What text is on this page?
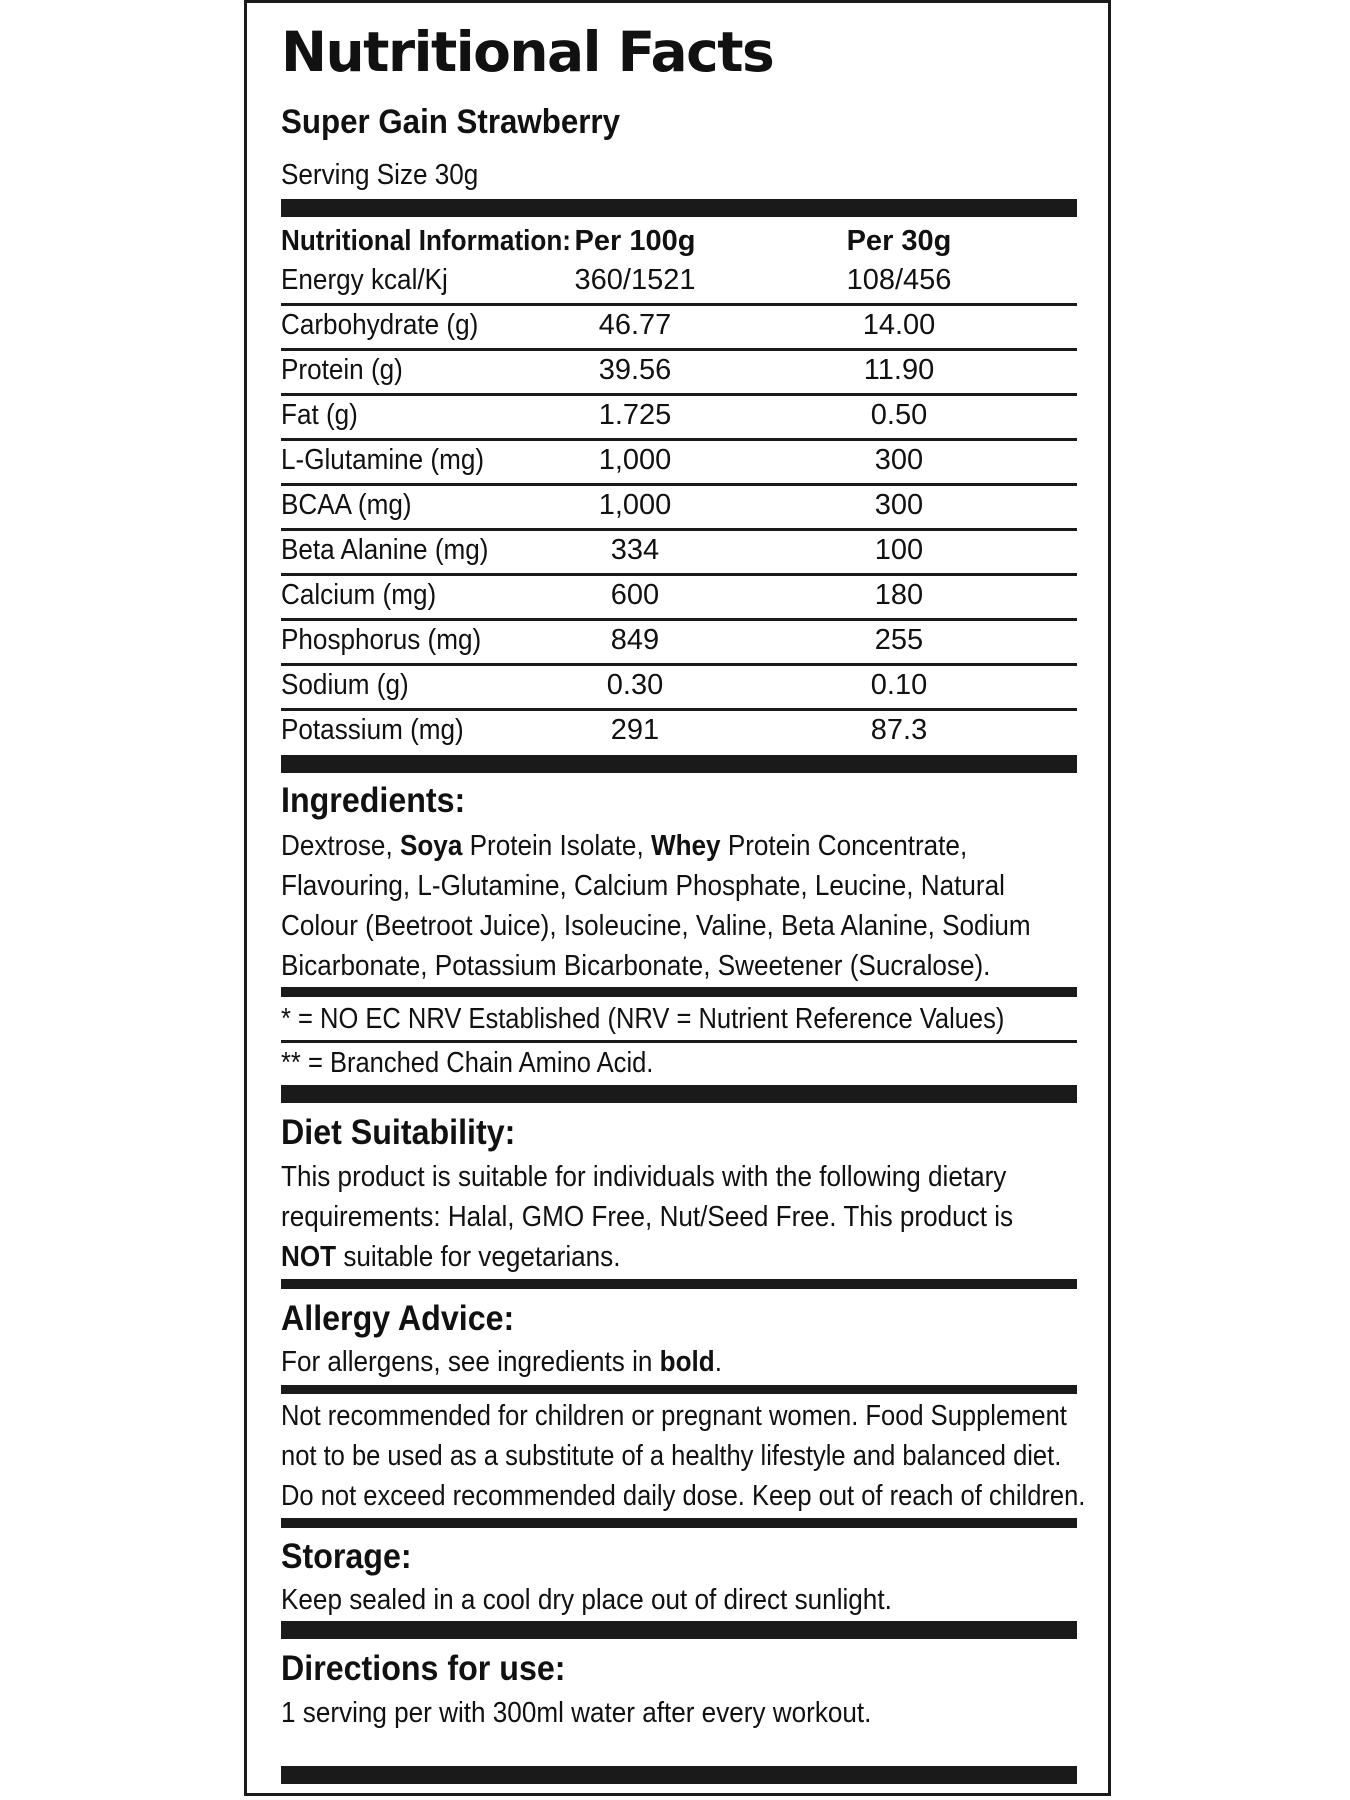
Nutritional Facts
Super Gain Strawberry
Serving Size 30g
Nutritional Information: Per 100g	Per 30g
Energy kcal/Kj	360/1521	108/456
Carbohydrate (g)	46.77	14.00
Protein (g)	39.56	11.90
Fat (g)	1.725	0.50
L-Glutamine (mg)	1,000	300
BCAA (mg)	1,000	300
Beta Alanine (mg)	334	100
Calcium (mg)	600	180
Phosphorus (mg)	849	255
Sodium (g)	0.30	0.10
Potassium (mg)	291	87.3
Ingredients:
Dextrose, Soya Protein Isolate, Whey Protein Concentrate, Flavouring, L-Glutamine, Calcium Phosphate, Leucine, Natural Colour (Beetroot Juice), Isoleucine, Valine, Beta Alanine, Sodium Bicarbonate, Potassium Bicarbonate, Sweetener (Sucralose).
* = NO EC NRV Established (NRV = Nutrient Reference Values)
** = Branched Chain Amino Acid.
Diet Suitability:
This product is suitable for individuals with the following dietary requirements: Halal, GMO Free, Nut/Seed Free. This product is NOT suitable for vegetarians.
Allergy Advice:
For allergens, see ingredients in bold.
Not recommended for children or pregnant women. Food Supplement
not to be used as a substitute of a healthy lifestyle and balanced diet.
Do not exceed recommended daily dose. Keep out of reach of children.
Storage:
Keep sealed in a cool dry place out of direct sunlight.
Directions for use:
1 serving per with 300ml water after every workout.
